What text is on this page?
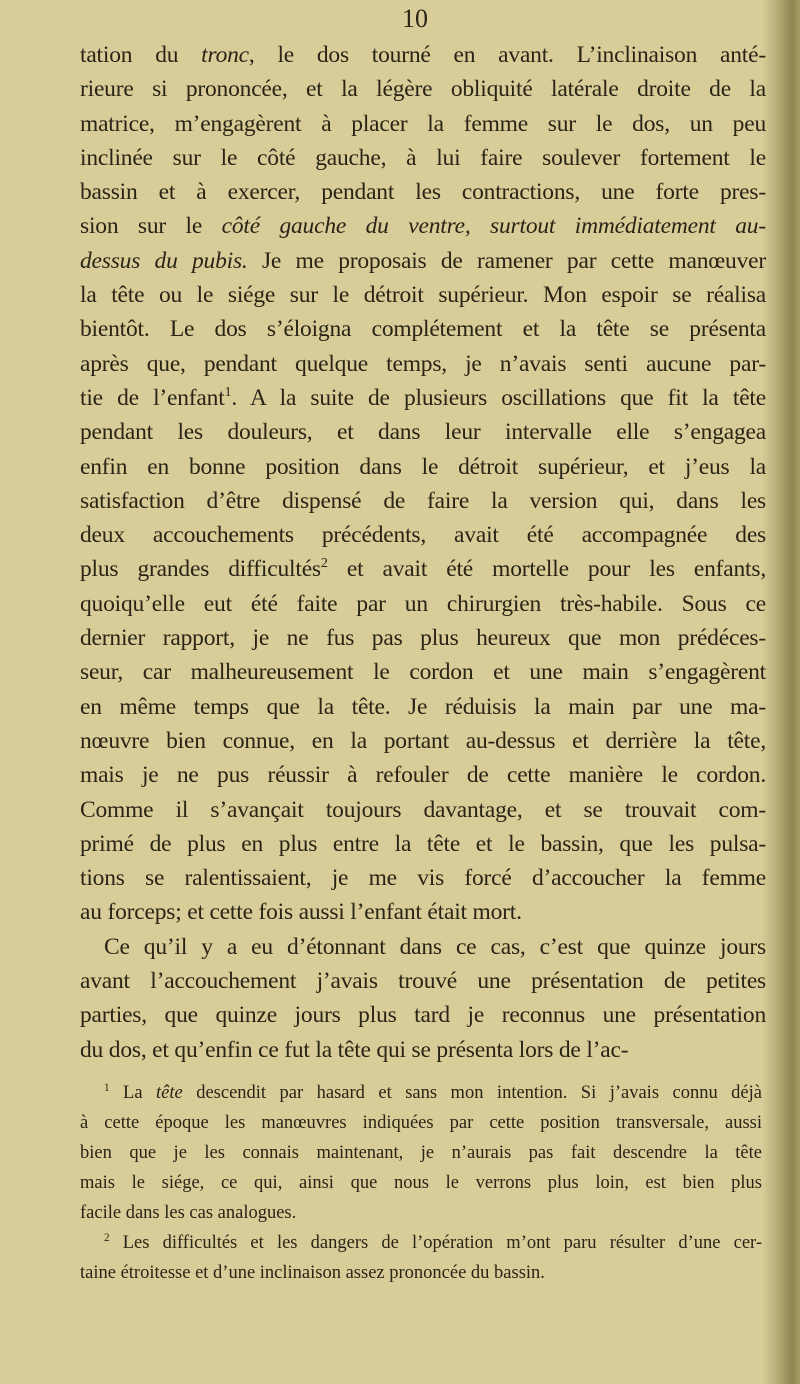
10
tation du tronc, le dos tourné en avant. L’inclinaison anté-
rieure si prononcée, et la légère obliquité latérale droite de la
matrice, m’engagèrent à placer la femme sur le dos, un peu
inclinée sur le côté gauche, à lui faire soulever fortement le
bassin et à exercer, pendant les contractions, une forte pres-
sion sur le côté gauche du ventre, surtout immédiatement au-
dessus du pubis. Je me proposais de ramener par cette manœuver
la tête ou le siége sur le détroit supérieur. Mon espoir se réalisa
bientôt. Le dos s’éloigna complétement et la tête se présenta
après que, pendant quelque temps, je n’avais senti aucune par-
tie de l’enfant$^1$. A la suite de plusieurs oscillations que fit la tête
pendant les douleurs, et dans leur intervalle elle s’engagea
enfin en bonne position dans le détroit supérieur, et j’eus la
satisfaction d’être dispensé de faire la version qui, dans les
deux accouchements précédents, avait été accompagnée des
plus grandes difficultés$^2$ et avait été mortelle pour les enfants,
quoiqu’elle eut été faite par un chirurgien très-habile. Sous ce
dernier rapport, je ne fus pas plus heureux que mon prédéces-
seur, car malheureusement le cordon et une main s’engagèrent
en même temps que la tête. Je réduisis la main par une ma-
nœuvre bien connue, en la portant au-dessus et derrière la tête,
mais je ne pus réussir à refouler de cette manière le cordon.
Comme il s’avançait toujours davantage, et se trouvait com-
primé de plus en plus entre la tête et le bassin, que les pulsa-
tions se ralentissaient, je me vis forcé d’accoucher la femme
au forceps; et cette fois aussi l’enfant était mort.
Ce qu’il y a eu d’étonnant dans ce cas, c’est que quinze jours
avant l’accouchement j’avais trouvé une présentation de petites
parties, que quinze jours plus tard je reconnus une présentation
du dos, et qu’enfin ce fut la tête qui se présenta lors de l’ac-
$^1$ La tête descendit par hasard et sans mon intention. Si j’avais connu déjà
à cette époque les manœuvres indiquées par cette position transversale, aussi
bien que je les connais maintenant, je n’aurais pas fait descendre la tête
mais le siége, ce qui, ainsi que nous le verrons plus loin, est bien plus
facile dans les cas analogues.
$^2$ Les difficultés et les dangers de l’opération m’ont paru résulter d’une cer-
taine étroitesse et d’une inclinaison assez prononcée du bassin.
